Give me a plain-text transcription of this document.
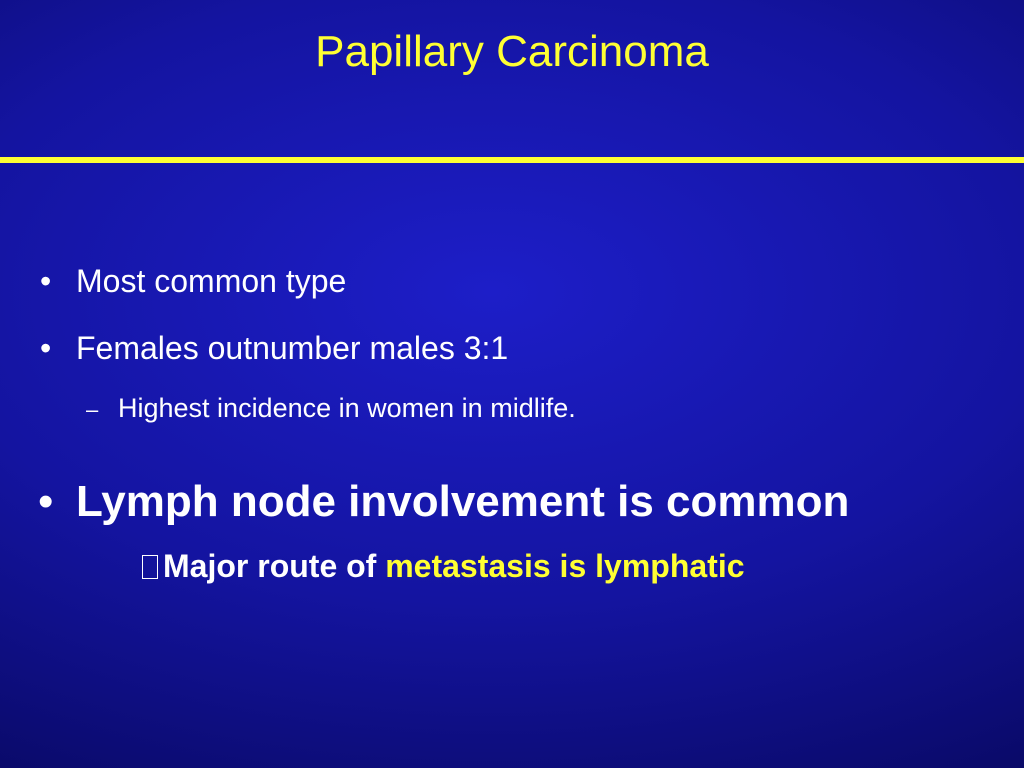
Papillary Carcinoma
• Most common type
• Females outnumber males 3:1
– Highest incidence in women in midlife.
• Lymph node involvement is common
Major route of metastasis is lymphatic
